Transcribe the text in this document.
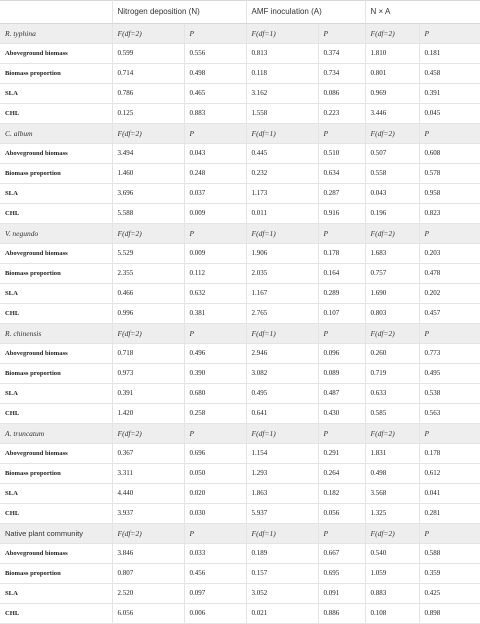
	Nitrogen deposition (N)		AMF inoculation (A)		N × A	
R. typhina	F(df=2)	P	F(df=1)	P	F(df=2)	P
Aboveground biomass	0.599	0.556	0.813	0.374	1.810	0.181
Biomass proportion	0.714	0.498	0.118	0.734	0.801	0.458
SLA	0.786	0.465	3.162	0.086	0.969	0.391
CHL	0.125	0.883	1.558	0.223	3.446	0.045
C. album	F(df=2)	P	F(df=1)	P	F(df=2)	P
Aboveground biomass	3.494	0.043	0.445	0.510	0.507	0.608
Biomass proportion	1.460	0.248	0.232	0.634	0.558	0.578
SLA	3.696	0.037	1.173	0.287	0.043	0.958
CHL	5.588	0.009	0.011	0.916	0.196	0.823
V. negundo	F(df=2)	P	F(df=1)	P	F(df=2)	P
Aboveground biomass	5.529	0.009	1.906	0.178	1.683	0.203
Biomass proportion	2.355	0.112	2.035	0.164	0.757	0.478
SLA	0.466	0.632	1.167	0.289	1.690	0.202
CHL	0.996	0.381	2.765	0.107	0.803	0.457
R. chinensis	F(df=2)	P	F(df=1)	P	F(df=2)	P
Aboveground biomass	0.718	0.496	2.946	0.096	0.260	0.773
Biomass proportion	0.973	0.390	3.082	0.089	0.719	0.495
SLA	0.391	0.680	0.495	0.487	0.633	0.538
CHL	1.420	0.258	0.641	0.430	0.585	0.563
A. truncatum	F(df=2)	P	F(df=1)	P	F(df=2)	P
Aboveground biomass	0.367	0.696	1.154	0.291	1.831	0.178
Biomass proportion	3.311	0.050	1.293	0.264	0.498	0.612
SLA	4.440	0.020	1.863	0.182	3.568	0.041
CHL	3.937	0.030	5.937	0.056	1.325	0.281
Native plant community	F(df=2)	P	F(df=1)	P	F(df=2)	P
Aboveground biomass	3.846	0.033	0.189	0.667	0.540	0.588
Biomass proportion	0.807	0.456	0.157	0.695	1.059	0.359
SLA	2.520	0.097	3.052	0.091	0.883	0.425
CHL	6.056	0.006	0.021	0.886	0.108	0.898
